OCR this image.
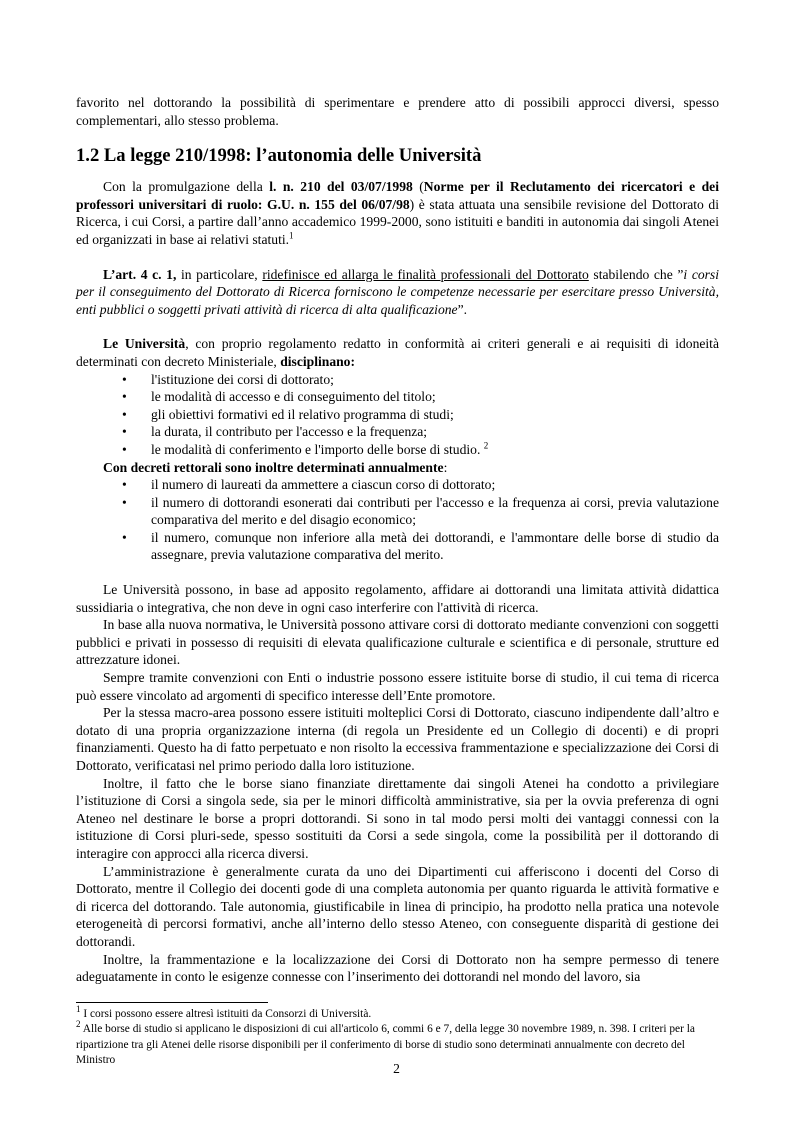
favorito nel dottorando la possibilità di sperimentare e prendere atto di possibili approcci diversi, spesso complementari, allo stesso problema.

1.2 La legge 210/1998: l’autonomia delle Università

Con la promulgazione della l. n. 210 del 03/07/1998 (Norme per il Reclutamento dei ricercatori e dei professori universitari di ruolo: G.U. n. 155 del 06/07/98) è stata attuata una sensibile revisione del Dottorato di Ricerca, i cui Corsi, a partire dall’anno accademico 1999-2000, sono istituiti e banditi in autonomia dai singoli Atenei ed organizzati in base ai relativi statuti.$^1$

L’art. 4 c. 1, in particolare, ridefinisce ed allarga le finalità professionali del Dottorato stabilendo che ”i corsi per il conseguimento del Dottorato di Ricerca forniscono le competenze necessarie per esercitare presso Università, enti pubblici o soggetti privati attività di ricerca di alta qualificazione”.

Le Università, con proprio regolamento redatto in conformità ai criteri generali e ai requisiti di idoneità determinati con decreto Ministeriale, disciplinano:

• l'istituzione dei corsi di dottorato;
• le modalità di accesso e di conseguimento del titolo;
• gli obiettivi formativi ed il relativo programma di studi;
• la durata, il contributo per l'accesso e la frequenza;
• le modalità di conferimento e l'importo delle borse di studio. $^2$

Con decreti rettorali sono inoltre determinati annualmente:

• il numero di laureati da ammettere a ciascun corso di dottorato;
• il numero di dottorandi esonerati dai contributi per l'accesso e la frequenza ai corsi, previa valutazione comparativa del merito e del disagio economico;
• il numero, comunque non inferiore alla metà dei dottorandi, e l'ammontare delle borse di studio da assegnare, previa valutazione comparativa del merito.

Le Università possono, in base ad apposito regolamento, affidare ai dottorandi una limitata attività didattica sussidiaria o integrativa, che non deve in ogni caso interferire con l'attività di ricerca.

In base alla nuova normativa, le Università possono attivare corsi di dottorato mediante convenzioni con soggetti pubblici e privati in possesso di requisiti di elevata qualificazione culturale e scientifica e di personale, strutture ed attrezzature idonei.

Sempre tramite convenzioni con Enti o industrie possono essere istituite borse di studio, il cui tema di ricerca può essere vincolato ad argomenti di specifico interesse dell’Ente promotore.

Per la stessa macro-area possono essere istituiti molteplici Corsi di Dottorato, ciascuno indipendente dall’altro e dotato di una propria organizzazione interna (di regola un Presidente ed un Collegio di docenti) e di propri finanziamenti. Questo ha di fatto perpetuato e non risolto la eccessiva frammentazione e specializzazione dei Corsi di Dottorato, verificatasi nel primo periodo dalla loro istituzione.

Inoltre, il fatto che le borse siano finanziate direttamente dai singoli Atenei ha condotto a privilegiare l’istituzione di Corsi a singola sede, sia per le minori difficoltà amministrative, sia per la ovvia preferenza di ogni Ateneo nel destinare le borse a propri dottorandi. Si sono in tal modo persi molti dei vantaggi connessi con la istituzione di Corsi pluri-sede, spesso sostituiti da Corsi a sede singola, come la possibilità per il dottorando di interagire con approcci alla ricerca diversi.

L’amministrazione è generalmente curata da uno dei Dipartimenti cui afferiscono i docenti del Corso di Dottorato, mentre il Collegio dei docenti gode di una completa autonomia per quanto riguarda le attività formative e di ricerca del dottorando. Tale autonomia, giustificabile in linea di principio, ha prodotto nella pratica una notevole eterogeneità di percorsi formativi, anche all’interno dello stesso Ateneo, con conseguente disparità di gestione dei dottorandi.

Inoltre, la frammentazione e la localizzazione dei Corsi di Dottorato non ha sempre permesso di tenere adeguatamente in conto le esigenze connesse con l’inserimento dei dottorandi nel mondo del lavoro, sia

$^1$ I corsi possono essere altresì istituiti da Consorzi di Università.

$^2$ Alle borse di studio si applicano le disposizioni di cui all'articolo 6, commi 6 e 7, della legge 30 novembre 1989, n. 398. I criteri per la ripartizione tra gli Atenei delle risorse disponibili per il conferimento di borse di studio sono determinati annualmente con decreto del Ministro

2
